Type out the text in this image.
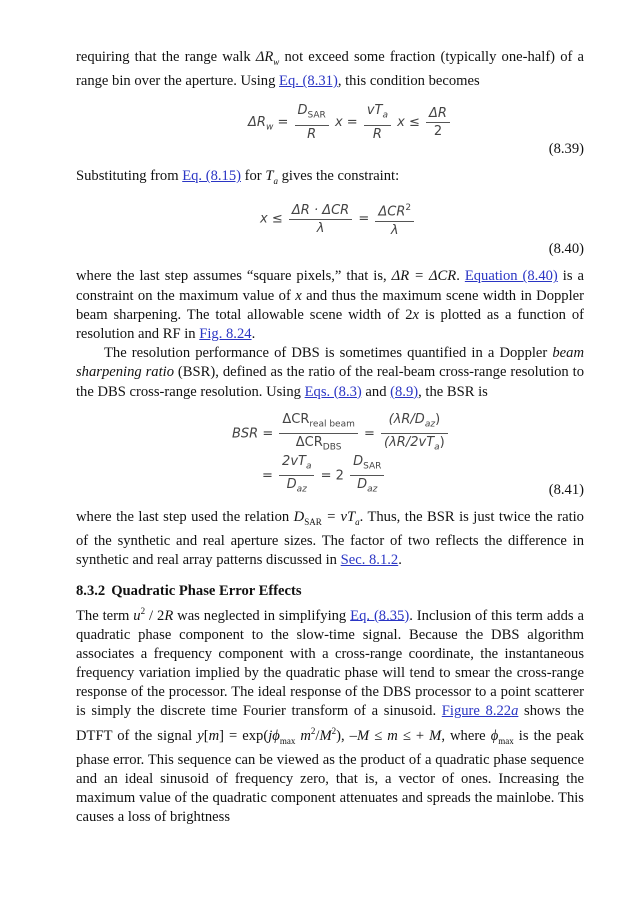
requiring that the range walk $\Delta R_w$ not exceed some fraction (typically one-half) of a range bin over the aperture. Using Eq. (8.31), this condition becomes

$\Delta R_w = \frac{D_{SAR}}{R}$ $x = \frac{vT_a}{R}$ $x \le \frac{\Delta R}{2}$
(8.39)

Substituting from Eq. (8.15) for $T_a$ gives the constraint:

$x \le \frac{\text{ΔR · ΔCR}}{\lambda} = \frac{\Delta CR^2}{\lambda}$
(8.40)

where the last step assumes “square pixels,” that is, ΔR = ΔCR. Equation (8.40) is a constraint on the maximum value of x and thus the maximum scene width in Doppler beam sharpening. The total allowable scene width of 2x is plotted as a function of resolution and RF in Fig. 8.24.

The resolution performance of DBS is sometimes quantified in a Doppler beam sharpening ratio (BSR), defined as the ratio of the real-beam cross-range resolution to the DBS cross-range resolution. Using Eqs. (8.3) and (8.9), the BSR is

BSR = $\frac{\Delta CR_{real beam}}{\Delta CR_{DBS}} = \frac{(\lambda R/D_{az})}{(\lambda R/2vT_a)}$
= $\frac{2vT_a}{D_{az}} = 2 \frac{D_{SAR}}{D_{az}}$	(8.41)

where the last step used the relation $D_{SAR} = vT_a$. Thus, the BSR is just twice the ratio of the synthetic and real aperture sizes. The factor of two reflects the difference in synthetic and real array patterns discussed in Sec. 8.1.2.

8.3.2 Quadratic Phase Error Effects

The term $u^2 / 2R$ was neglected in simplifying Eq. (8.35). Inclusion of this term adds a quadratic phase component to the slow-time signal. Because the DBS algorithm associates a frequency component with a cross-range coordinate, the instantaneous frequency variation implied by the quadratic phase will tend to smear the cross-range response of the processor. The ideal response of the DBS processor to a point scatterer is simply the discrete time Fourier transform of a sinusoid. Figure 8.22a shows the DTFT of the signal $y[m] = \exp(j\phi_{max}$ $m^2/M^2$), –M ≤ m ≤ + M, where $\phi_{max}$ is the peak phase error. This sequence can be viewed as the product of a quadratic phase sequence and an ideal sinusoid of frequency zero, that is, a vector of ones. Increasing the maximum value of the quadratic component attenuates and spreads the mainlobe. This causes a loss of brightness
